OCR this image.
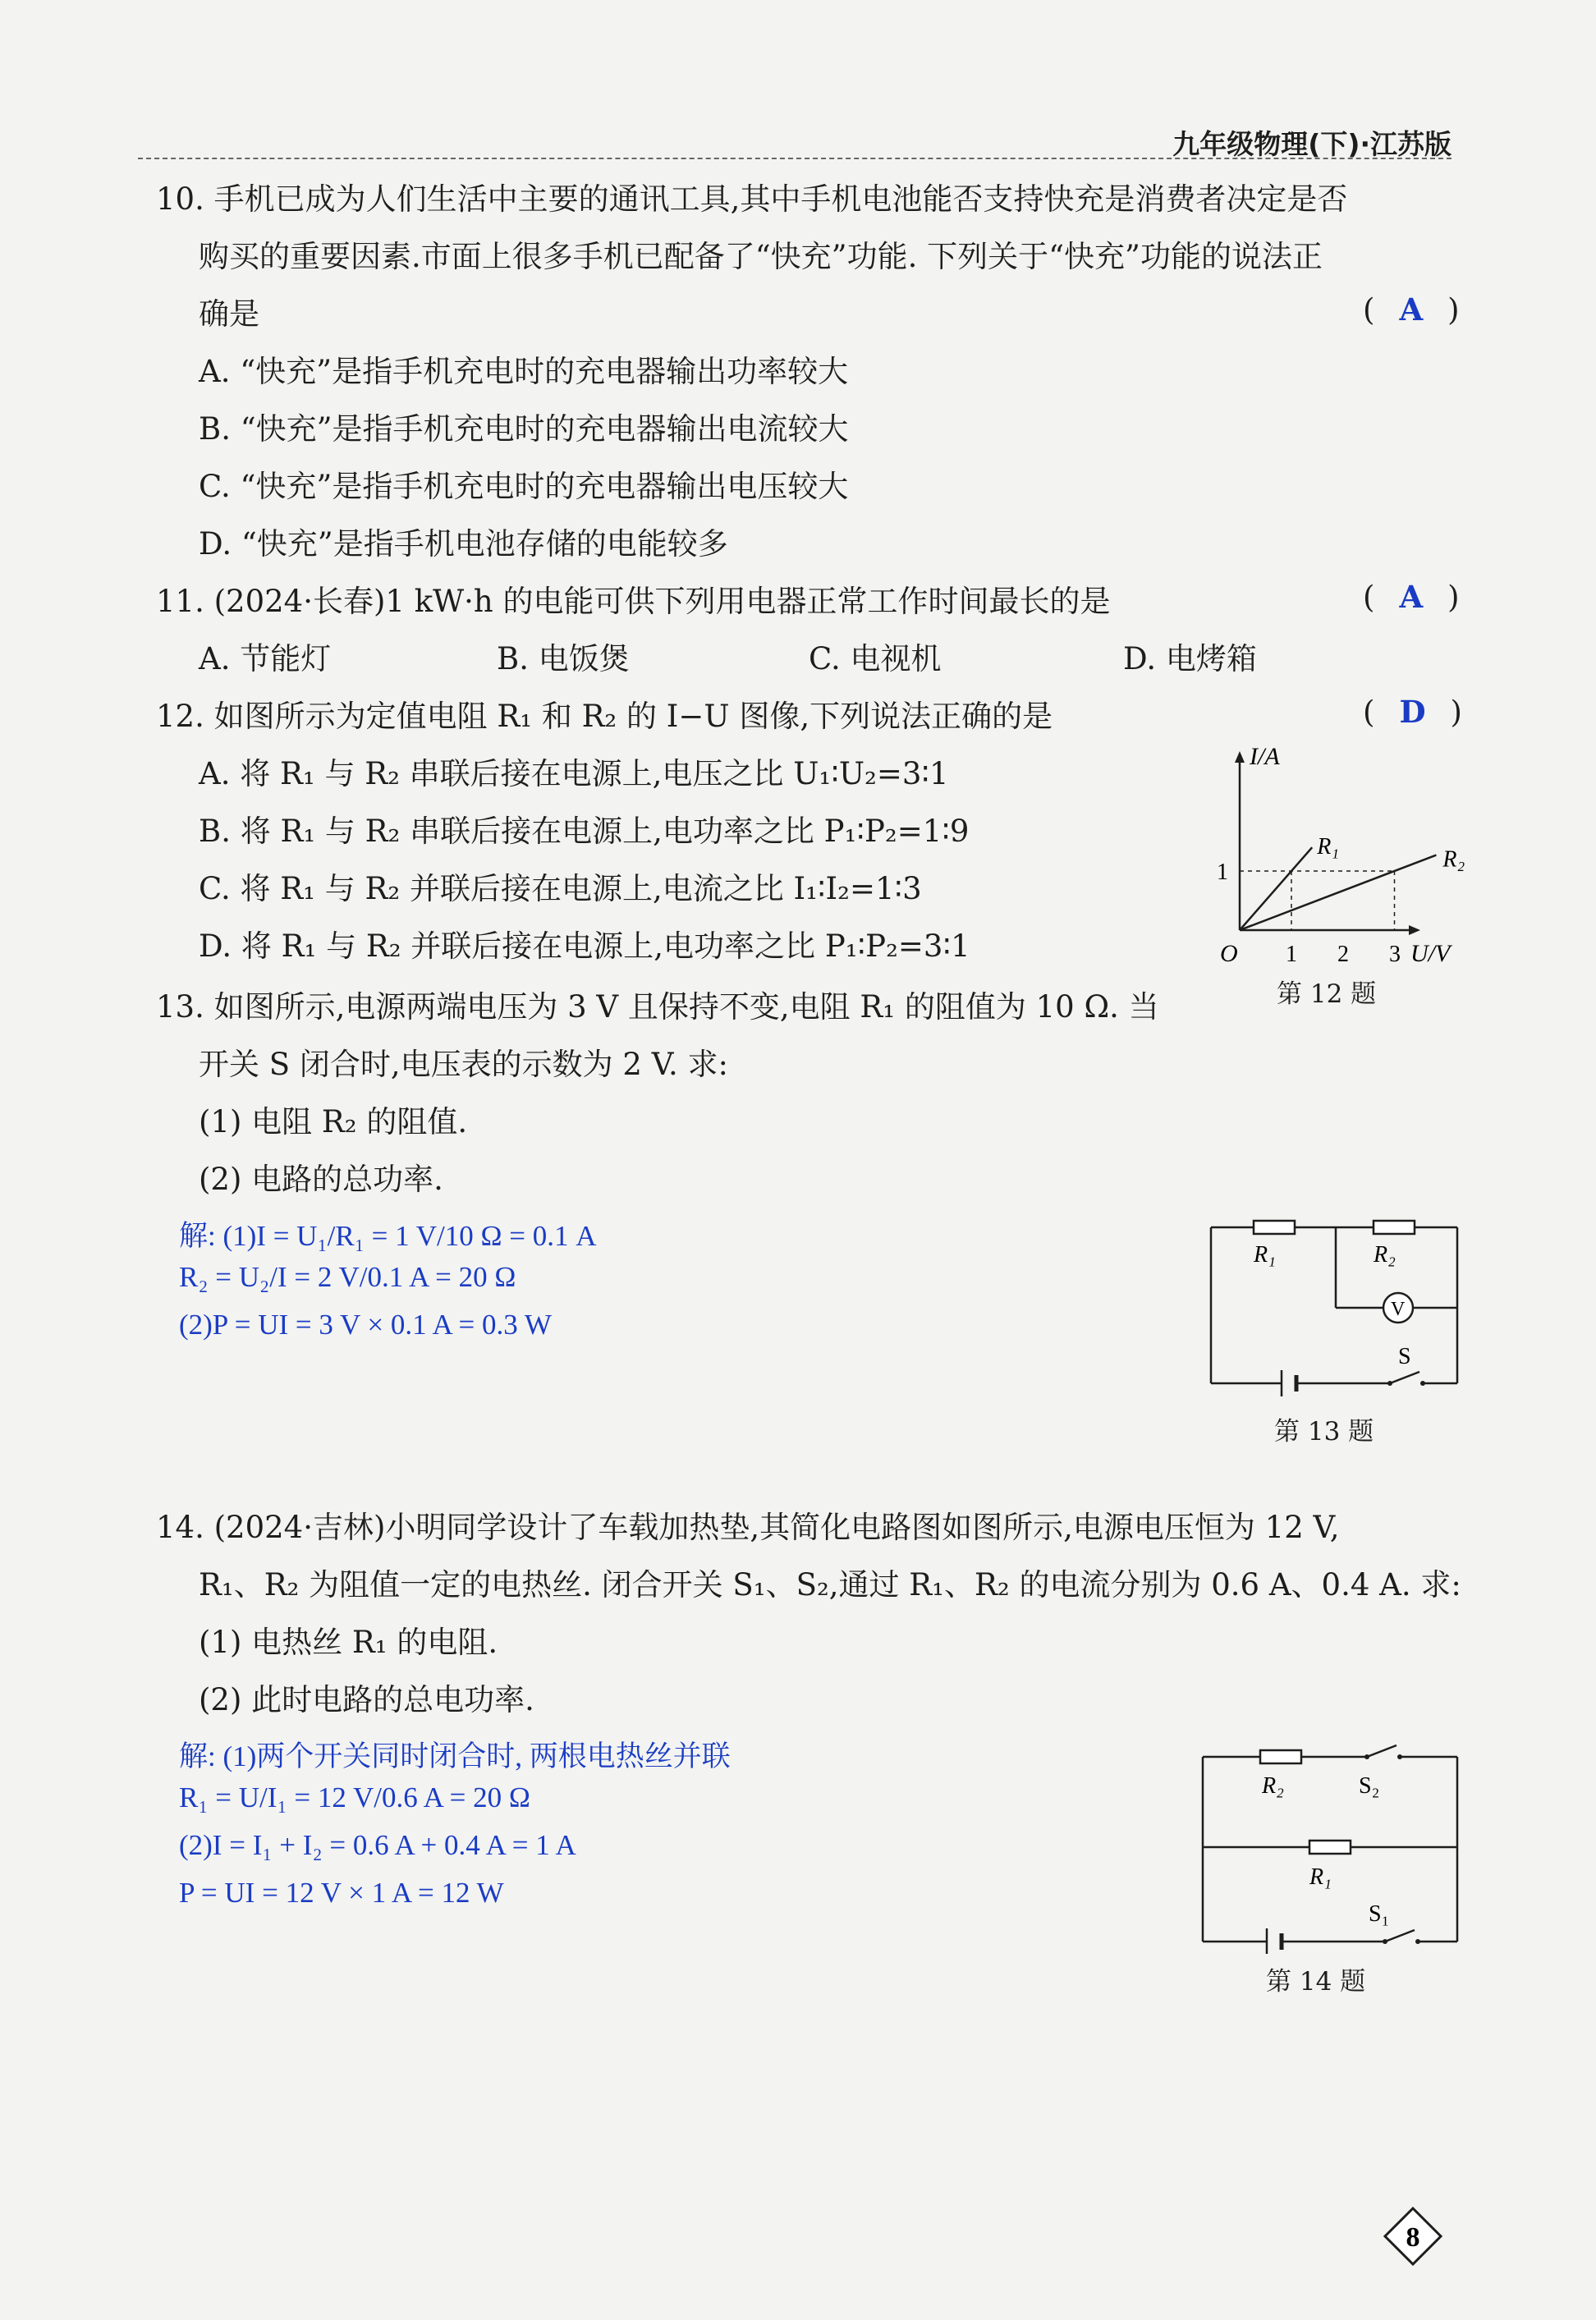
九年级物理(下)·江苏版
10. 手机已成为人们生活中主要的通讯工具,其中手机电池能否支持快充是消费者决定是否
购买的重要因素.市面上很多手机已配备了“快充”功能. 下列关于“快充”功能的说法正
确是	( A )
A. “快充”是指手机充电时的充电器输出功率较大
B. “快充”是指手机充电时的充电器输出电流较大
C. “快充”是指手机充电时的充电器输出电压较大
D. “快充”是指手机电池存储的电能较多
11. (2024·长春)1 kW·h 的电能可供下列用电器正常工作时间最长的是	( A )
A. 节能灯	B. 电饭煲	C. 电视机	D. 电烤箱
12. 如图所示为定值电阻 R₁ 和 R₂ 的 I−U 图像,下列说法正确的是	( D )
A. 将 R₁ 与 R₂ 串联后接在电源上,电压之比 U₁∶U₂=3∶1
B. 将 R₁ 与 R₂ 串联后接在电源上,电功率之比 P₁∶P₂=1∶9
C. 将 R₁ 与 R₂ 并联后接在电源上,电流之比 I₁∶I₂=1∶3
D. 将 R₁ 与 R₂ 并联后接在电源上,电功率之比 P₁∶P₂=3∶1
R₁	R₂
1 2 3
1
I/A
U/V
O
第 12 题
13. 如图所示,电源两端电压为 3 V 且保持不变,电阻 R₁ 的阻值为 10 Ω. 当
开关 S 闭合时,电压表的示数为 2 V. 求:
(1) 电阻 R₂ 的阻值.
(2) 电路的总功率.
解: (1)I = U₁/R₁ = 1 V/10 Ω = 0.1 A
R₂ = U₂/I = 2 V/0.1 A = 20 Ω
(2)P = UI = 3 V × 0.1 A = 0.3 W
R₁	R₂
V
S
第 13 题
14. (2024·吉林)小明同学设计了车载加热垫,其简化电路图如图所示,电源电压恒为 12 V,
R₁、R₂ 为阻值一定的电热丝. 闭合开关 S₁、S₂,通过 R₁、R₂ 的电流分别为 0.6 A、0.4 A. 求:
(1) 电热丝 R₁ 的电阻.
(2) 此时电路的总电功率.
解: (1)两个开关同时闭合时, 两根电热丝并联
R₁ = U/I₁ = 12 V/0.6 A = 20 Ω
(2)I = I₁ + I₂ = 0.6 A + 0.4 A = 1 A
P = UI = 12 V × 1 A = 12 W
R₂	S₂
R₁
S₁
第 14 题
8
